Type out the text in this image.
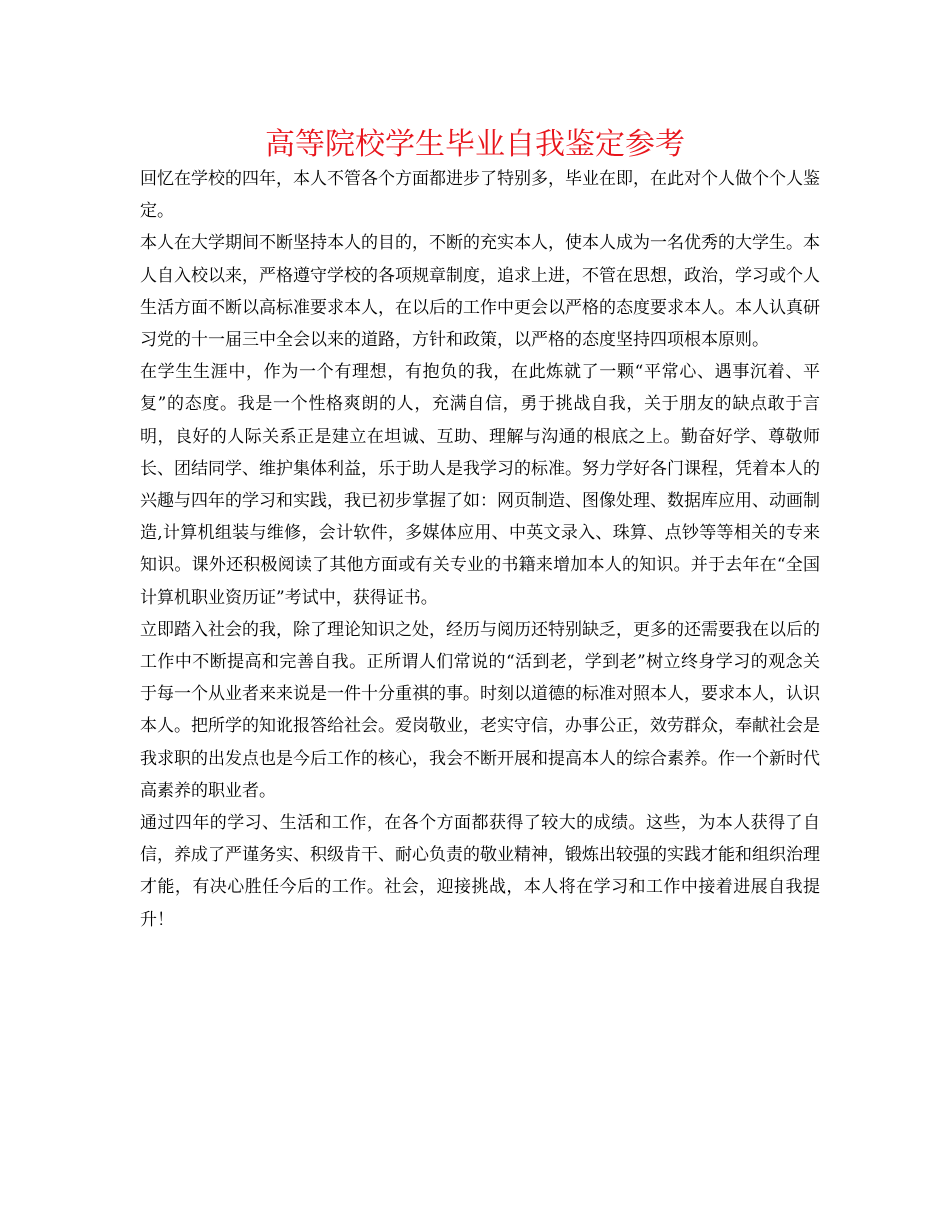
高等院校学生毕业自我鉴定参考

回忆在学校的四年，本人不管各个方面都进步了特别多，毕业在即，在此对个人做个个人鉴定。

本人在大学期间不断坚持本人的目的，不断的充实本人，使本人成为一名优秀的大学生。本人自入校以来，严格遵守学校的各项规章制度，追求上进，不管在思想，政治，学习或个人生活方面不断以高标准要求本人，在以后的工作中更会以严格的态度要求本人。本人认真研习党的十一届三中全会以来的道路，方针和政策，以严格的态度坚持四项根本原则。

在学生生涯中，作为一个有理想，有抱负的我，在此炼就了一颗“平常心、遇事沉着、平复”的态度。我是一个性格爽朗的人，充满自信，勇于挑战自我，关于朋友的缺点敢于言明，良好的人际关系正是建立在坦诚、互助、理解与沟通的根底之上。勤奋好学、尊敬师长、团结同学、维护集体利益，乐于助人是我学习的标准。努力学好各门课程，凭着本人的兴趣与四年的学习和实践，我已初步掌握了如：网页制造、图像处理、数据库应用、动画制造,计算机组装与维修，会计软件，多媒体应用、中英文录入、珠算、点钞等等相关的专来知识。课外还积极阅读了其他方面或有关专业的书籍来增加本人的知识。并于去年在“全国计算机职业资历证”考试中，获得证书。

立即踏入社会的我，除了理论知识之处，经历与阅历还特别缺乏，更多的还需要我在以后的工作中不断提高和完善自我。正所谓人们常说的“活到老，学到老”树立终身学习的观念关于每一个从业者来来说是一件十分重祺的事。时刻以道德的标准对照本人，要求本人，认识本人。把所学的知讹报答给社会。爱岗敬业，老实守信，办事公正，效劳群众，奉献社会是我求职的出发点也是今后工作的核心，我会不断开展和提高本人的综合素养。作一个新时代高素养的职业者。

通过四年的学习、生活和工作，在各个方面都获得了较大的成绩。这些，为本人获得了自信，养成了严谨务实、积级肯干、耐心负责的敬业精神，锻炼出较强的实践才能和组织治理才能，有决心胜任今后的工作。社会，迎接挑战，本人将在学习和工作中接着进展自我提升！
